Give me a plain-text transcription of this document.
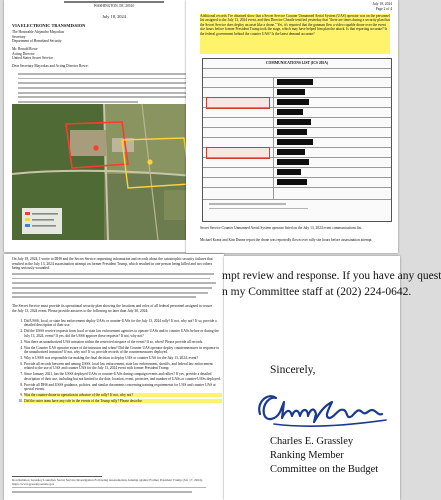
WASHINGTON, DC 20510
July 18, 2024
VIA ELECTRONIC TRANSMISSION
The Honorable Alejandro Mayorkas
Secretary
Department of Homeland Security
Mr. Ronald Rowe
Acting Director
United States Secret Service
Dear Secretary Mayorkas and Acting Director Rowe:
July 18, 2024
Page 2 of 4
Additional records I've obtained show that a Secret Service Counter Unmanned Aerial System (UAS) operator was on the personnel list assigned to the July 13, 2024 event, and then Director Cheatle testified yesterday that "there are times during a security plan that the Secret Service does deploy an asset like a drone." Yet, it's reported that the gunman flew a video capable drone over the event site hours before former President Trump took the stage, which may have helped him plan the attack. Is that reporting accurate? Is the federal government behind the counter UAS? Is the latest demand accurate?
COMMUNICATIONS LIST (ICS 205A)
Secret Service Counter Unmanned Aerial System operator listed on the July 13, 2024 event communications list.
Michael Kranz and Kim Dunne report the drone was reportedly flown over rally site hours before assassination attempt.
On July 18, 2024, I wrote to DHS and the Secret Service requesting information and records about the catastrophic security failures that resulted in the July 13, 2024 assassination attempt on former President Trump, which resulted in one person being killed and two others being seriously wounded.
The Secret Service must provide its operational security plan showing the locations and roles of all federal personnel assigned to secure the July 13, 2024 event. Please provide answers to the following no later than July 30, 2024:
1. Did USSS, local, or state law enforcement deploy UASs or counter-UASs for the July 13, 2024 rally? If not, why not? If so, provide a detailed description of their use.
2. Did the USSS receive requests from local or state law enforcement agencies to operate UASs and/or counter UASs before or during the July 13, 2024, event? If yes, did the USSS approve these requests? If not, why not?
3. Was there an unauthorized UAS intrusion within the restricted airspace of the event? If so, when? Please provide all records.
4. Was the Counter UAS operator aware of the intrusion and when? Did the Counter UAS operator deploy countermeasures in response to the unauthorized intrusion? If not, why not? If so, provide records of the countermeasures deployed.
5. Why is USSS was responsible for making the final decision to deploy UAS or counter UAS for the July 13, 2024, event?
6. Provide all records between and among USSS, local law enforcement, state law enforcement, sheriffs, and federal law enforcement related to the use of UAS and counter UAS for the July 13, 2024 event with former President Trump.
7. Since January 2021, has the USSS deployed UASs or counter-UASs during campaign events and rallies? If yes, provide a detailed description of their use, including but not limited to the date, location, event, protectee, and number of UASs or counter-UASs deployed.
8. Provide all DHS and USSS guidance, policies, and similar documents concerning training requirements for UAS and counter UAS at special events.
9. Was the counter-drone in operation in advance of the rally? If not, why not?
10. Did the outer team have any role in the events of the Trump rally? Please describe.
Ron Rabinov, Grassley Launches Secret Service Investigation Following Assassination Attempt against Former President Trump (Jul. 17, 2024), https://www.grassley.senate.gov
mpt review and response. If you have any quest
n my Committee staff at (202) 224-0642.
Sincerely,
Charles E. Grassley
Ranking Member
Committee on the Budget
